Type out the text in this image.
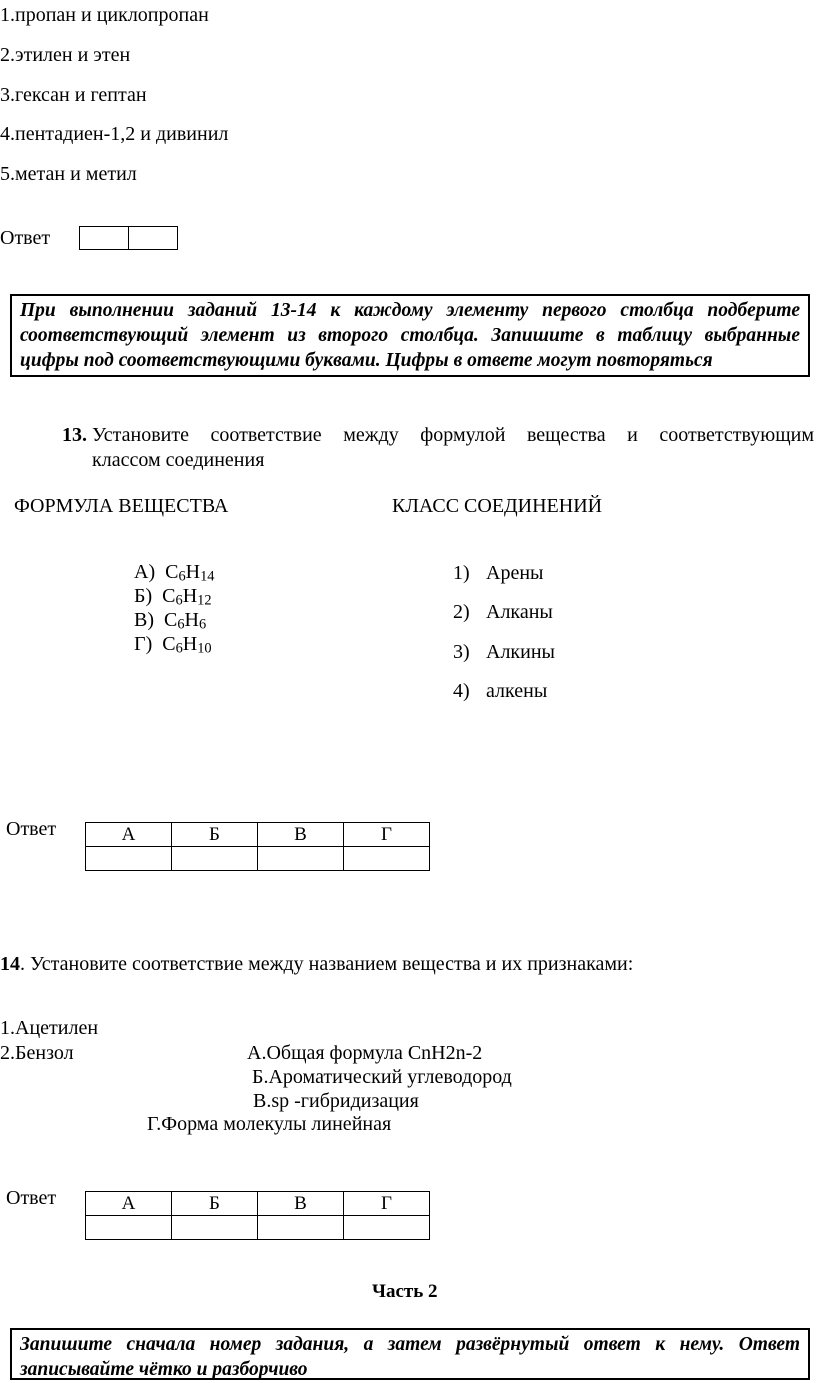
1.пропан и циклопропан
2.этилен и этен
3.гексан и гептан
4.пентадиен-1,2 и дивинил
5.метан и метил
Ответ

При выполнении заданий 13-14 к каждому элементу первого столбца подберите
соответствующий элемент из второго столбца. Запишите в таблицу выбранные
цифры под соответствующими буквами. Цифры в ответе могут повторяться
13. Установите соответствие между формулой вещества и соответствующим
классом соединения
ФОРМУЛА ВЕЩЕСТВА	КЛАСС СОЕДИНЕНИЙ
А) $C_6H_{14}$
Б) $C_6H_{12}$
В) $C_6H_6$
Г) $C_6H_{10}$
1) Арены
2) Алканы
3) Алкины
4) алкены
Ответ	А	Б	В	Г

14. Установите соответствие между названием вещества и их признаками:
1.Ацетилен
2.Бензол	А.Общая формула CnH2n-2
Б.Ароматический углеводород
В.sp -гибридизация
Г.Форма молекулы линейная
Ответ	А	Б	В	Г

Часть 2
Запишите сначала номер задания, а затем развёрнутый ответ к нему. Ответ
записывайте чётко и разборчиво
